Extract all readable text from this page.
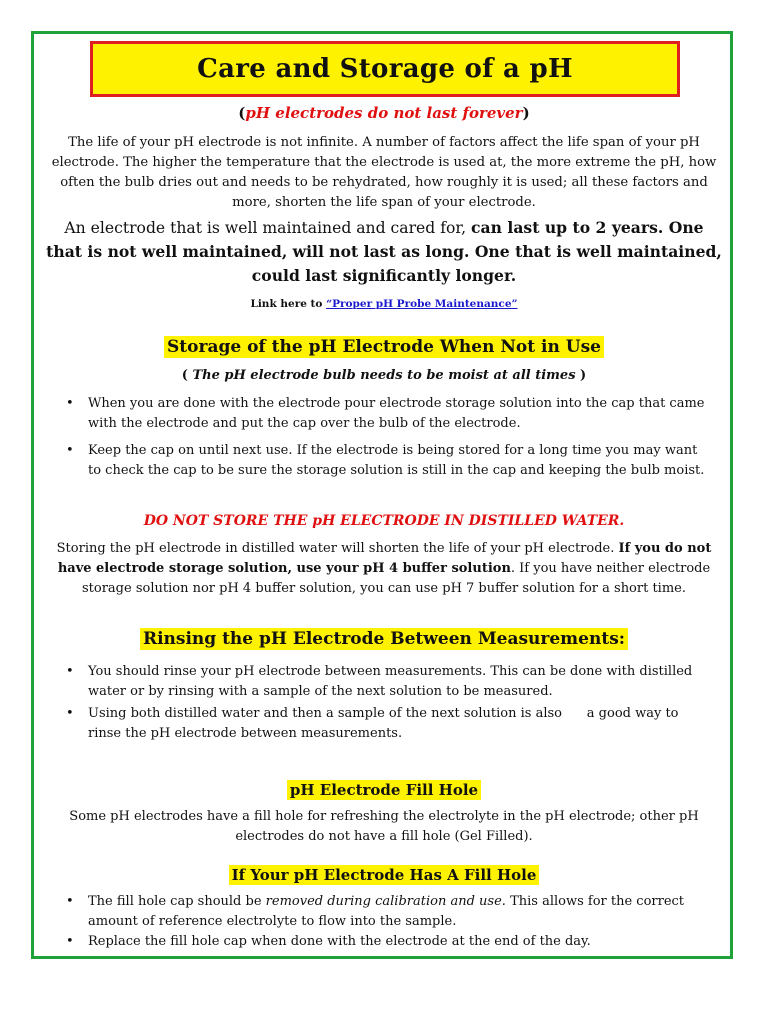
Care and Storage of a pH
(pH electrodes do not last forever)
The life of your pH electrode is not infinite. A number of factors affect the life span of your pH electrode. The higher the temperature that the electrode is used at, the more extreme the pH, how often the bulb dries out and needs to be rehydrated, how roughly it is used; all these factors and more, shorten the life span of your electrode.
An electrode that is well maintained and cared for, can last up to 2 years. One that is not well maintained, will not last as long. One that is well maintained, could last significantly longer.
Link here to “Proper pH Probe Maintenance”
Storage of the pH Electrode When Not in Use
( The pH electrode bulb needs to be moist at all times )
• When you are done with the electrode pour electrode storage solution into the cap that came with the electrode and put the cap over the bulb of the electrode.
• Keep the cap on until next use. If the electrode is being stored for a long time you may want to check the cap to be sure the storage solution is still in the cap and keeping the bulb moist.
DO NOT STORE THE pH ELECTRODE IN DISTILLED WATER.
Storing the pH electrode in distilled water will shorten the life of your pH electrode. If you do not have electrode storage solution, use your pH 4 buffer solution. If you have neither electrode storage solution nor pH 4 buffer solution, you can use pH 7 buffer solution for a short time.
Rinsing the pH Electrode Between Measurements:
• You should rinse your pH electrode between measurements. This can be done with distilled water or by rinsing with a sample of the next solution to be measured.
• Using both distilled water and then a sample of the next solution is also      a good way to rinse the pH electrode between measurements.
pH Electrode Fill Hole
Some pH electrodes have a fill hole for refreshing the electrolyte in the pH electrode; other pH electrodes do not have a fill hole (Gel Filled).
If Your pH Electrode Has A Fill Hole
• The fill hole cap should be removed during calibration and use. This allows for the correct amount of reference electrolyte to flow into the sample.
• Replace the fill hole cap when done with the electrode at the end of the day.
